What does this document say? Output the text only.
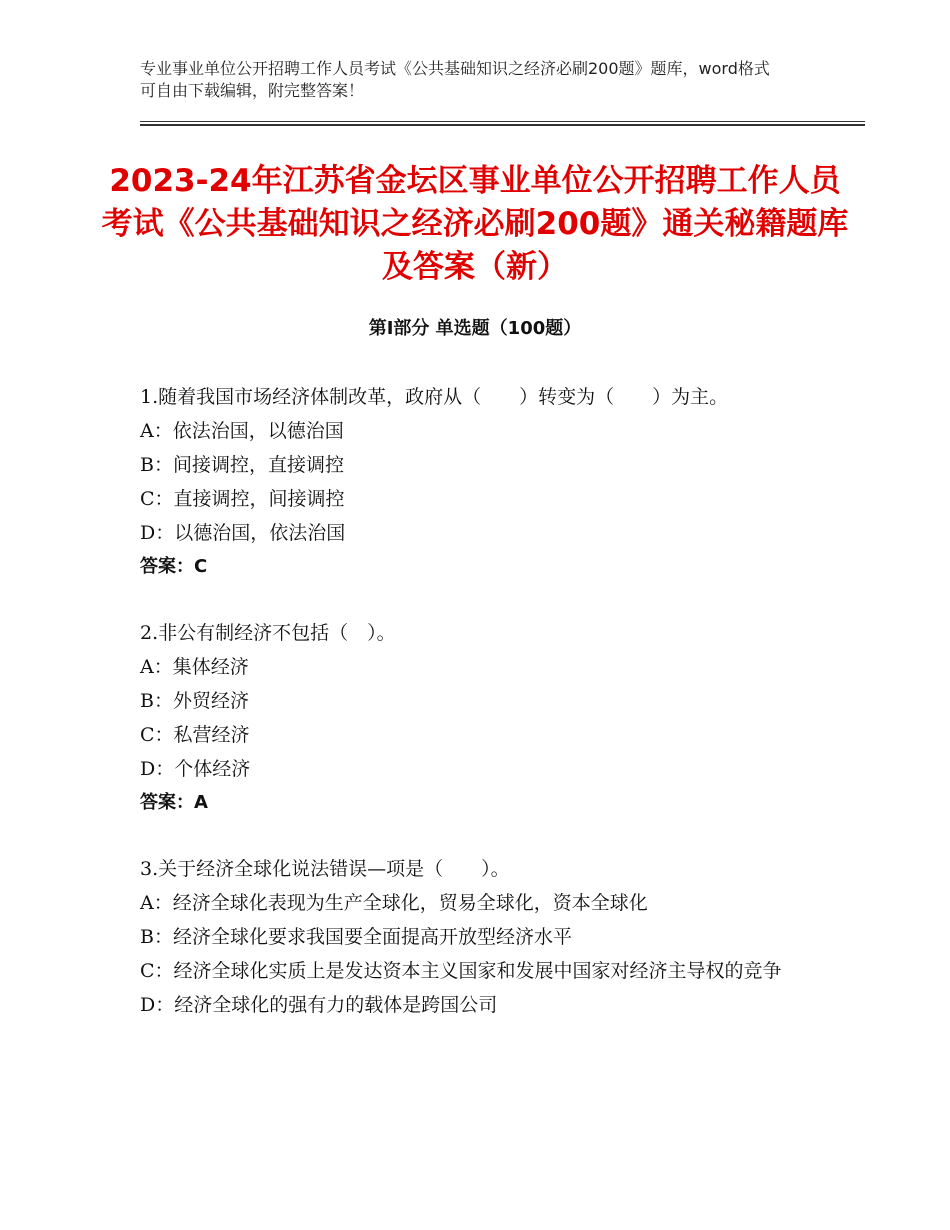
专业事业单位公开招聘工作人员考试《公共基础知识之经济必刷200题》题库，word格式可自由下载编辑，附完整答案！
2023-24年江苏省金坛区事业单位公开招聘工作人员考试《公共基础知识之经济必刷200题》通关秘籍题库及答案（新）
第Ⅰ部分 单选题（100题）
1.随着我国市场经济体制改革，政府从（　　）转变为（　　）为主。
A：依法治国，以德治国
B：间接调控，直接调控
C：直接调控，间接调控
D：以德治国，依法治国
答案：C
2.非公有制经济不包括（　）。
A：集体经济
B：外贸经济
C：私营经济
D：个体经济
答案：A
3.关于经济全球化说法错误—项是（　　）。
A：经济全球化表现为生产全球化，贸易全球化，资本全球化
B：经济全球化要求我国要全面提高开放型经济水平
C：经济全球化实质上是发达资本主义国家和发展中国家对经济主导权的竞争
D：经济全球化的强有力的载体是跨国公司
